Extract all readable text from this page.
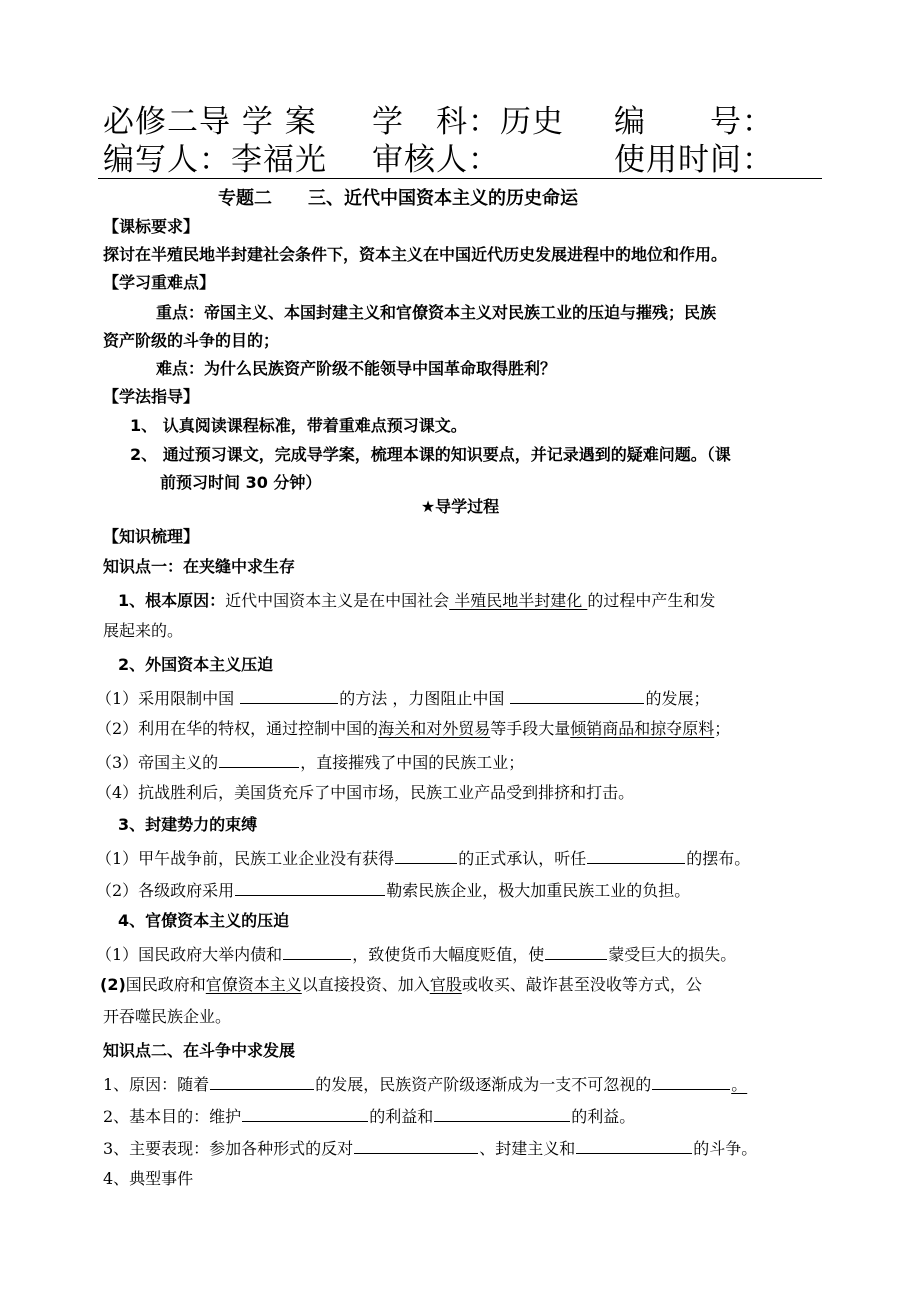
必修二导 学 案 学　科：历史 编　　号：
编写人：李福光 审核人：	使用时间：
专题二　　三、近代中国资本主义的历史命运
【课标要求】
探讨在半殖民地半封建社会条件下，资本主义在中国近代历史发展进程中的地位和作用。
【学习重难点】
重点：帝国主义、本国封建主义和官僚资本主义对民族工业的压迫与摧残；民族
资产阶级的斗争的目的；
难点：为什么民族资产阶级不能领导中国革命取得胜利？
【学法指导】
1、 认真阅读课程标准，带着重难点预习课文。
2、 通过预习课文，完成导学案，梳理本课的知识要点，并记录遇到的疑难问题。（课
前预习时间 30 分钟）
★导学过程
【知识梳理】
知识点一：在夹缝中求生存
1、根本原因：近代中国资本主义是在中国社会 半殖民地半封建化 的过程中产生和发
展起来的。
2、外国资本主义压迫
（1）采用限制中国	的方法 ，力图阻止中国	的发展；
（2）利用在华的特权，通过控制中国的海关和对外贸易等手段大量倾销商品和掠夺原料；
（3）帝国主义的	，直接摧残了中国的民族工业；
（4）抗战胜利后，美国货充斥了中国市场，民族工业产品受到排挤和打击。
3、封建势力的束缚
（1）甲午战争前，民族工业企业没有获得	的正式承认，听任	的摆布。
（2）各级政府采用	勒索民族企业，极大加重民族工业的负担。
4、官僚资本主义的压迫
（1）国民政府大举内债和	，致使货币大幅度贬值，使	蒙受巨大的损失。
(2)国民政府和官僚资本主义以直接投资、加入官股或收买、敲诈甚至没收等方式，公
开吞噬民族企业。
知识点二、在斗争中求发展
1、原因：随着	的发展，民族资产阶级逐渐成为一支不可忽视的	。
2、基本目的：维护	的利益和	的利益。
3、主要表现：参加各种形式的反对	、封建主义和	的斗争。
4、典型事件
